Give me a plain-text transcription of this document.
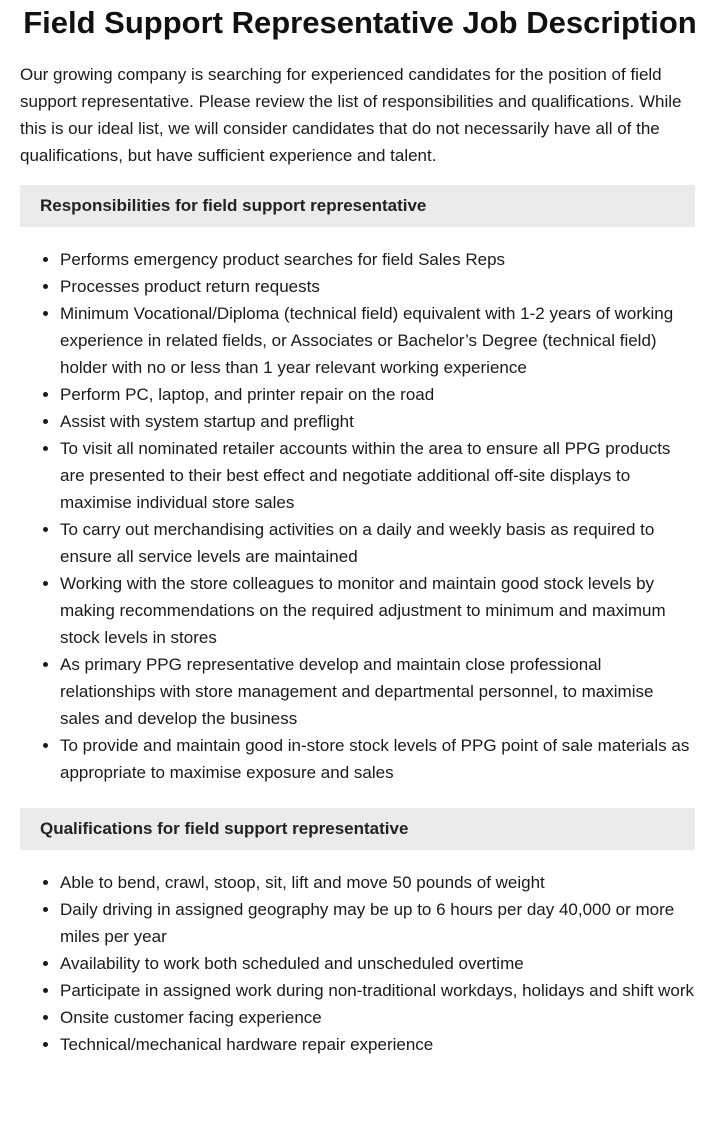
Field Support Representative Job Description

Our growing company is searching for experienced candidates for the position of field support representative. Please review the list of responsibilities and qualifications. While this is our ideal list, we will consider candidates that do not necessarily have all of the qualifications, but have sufficient experience and talent.

Responsibilities for field support representative
• Performs emergency product searches for field Sales Reps
• Processes product return requests
• Minimum Vocational/Diploma (technical field) equivalent with 1-2 years of working experience in related fields, or Associates or Bachelor’s Degree (technical field) holder with no or less than 1 year relevant working experience
• Perform PC, laptop, and printer repair on the road
• Assist with system startup and preflight
• To visit all nominated retailer accounts within the area to ensure all PPG products are presented to their best effect and negotiate additional off-site displays to maximise individual store sales
• To carry out merchandising activities on a daily and weekly basis as required to ensure all service levels are maintained
• Working with the store colleagues to monitor and maintain good stock levels by making recommendations on the required adjustment to minimum and maximum stock levels in stores
• As primary PPG representative develop and maintain close professional relationships with store management and departmental personnel, to maximise sales and develop the business
• To provide and maintain good in-store stock levels of PPG point of sale materials as appropriate to maximise exposure and sales
Qualifications for field support representative
• Able to bend, crawl, stoop, sit, lift and move 50 pounds of weight
• Daily driving in assigned geography may be up to 6 hours per day 40,000 or more miles per year
• Availability to work both scheduled and unscheduled overtime
• Participate in assigned work during non-traditional workdays, holidays and shift work
• Onsite customer facing experience
• Technical/mechanical hardware repair experience
